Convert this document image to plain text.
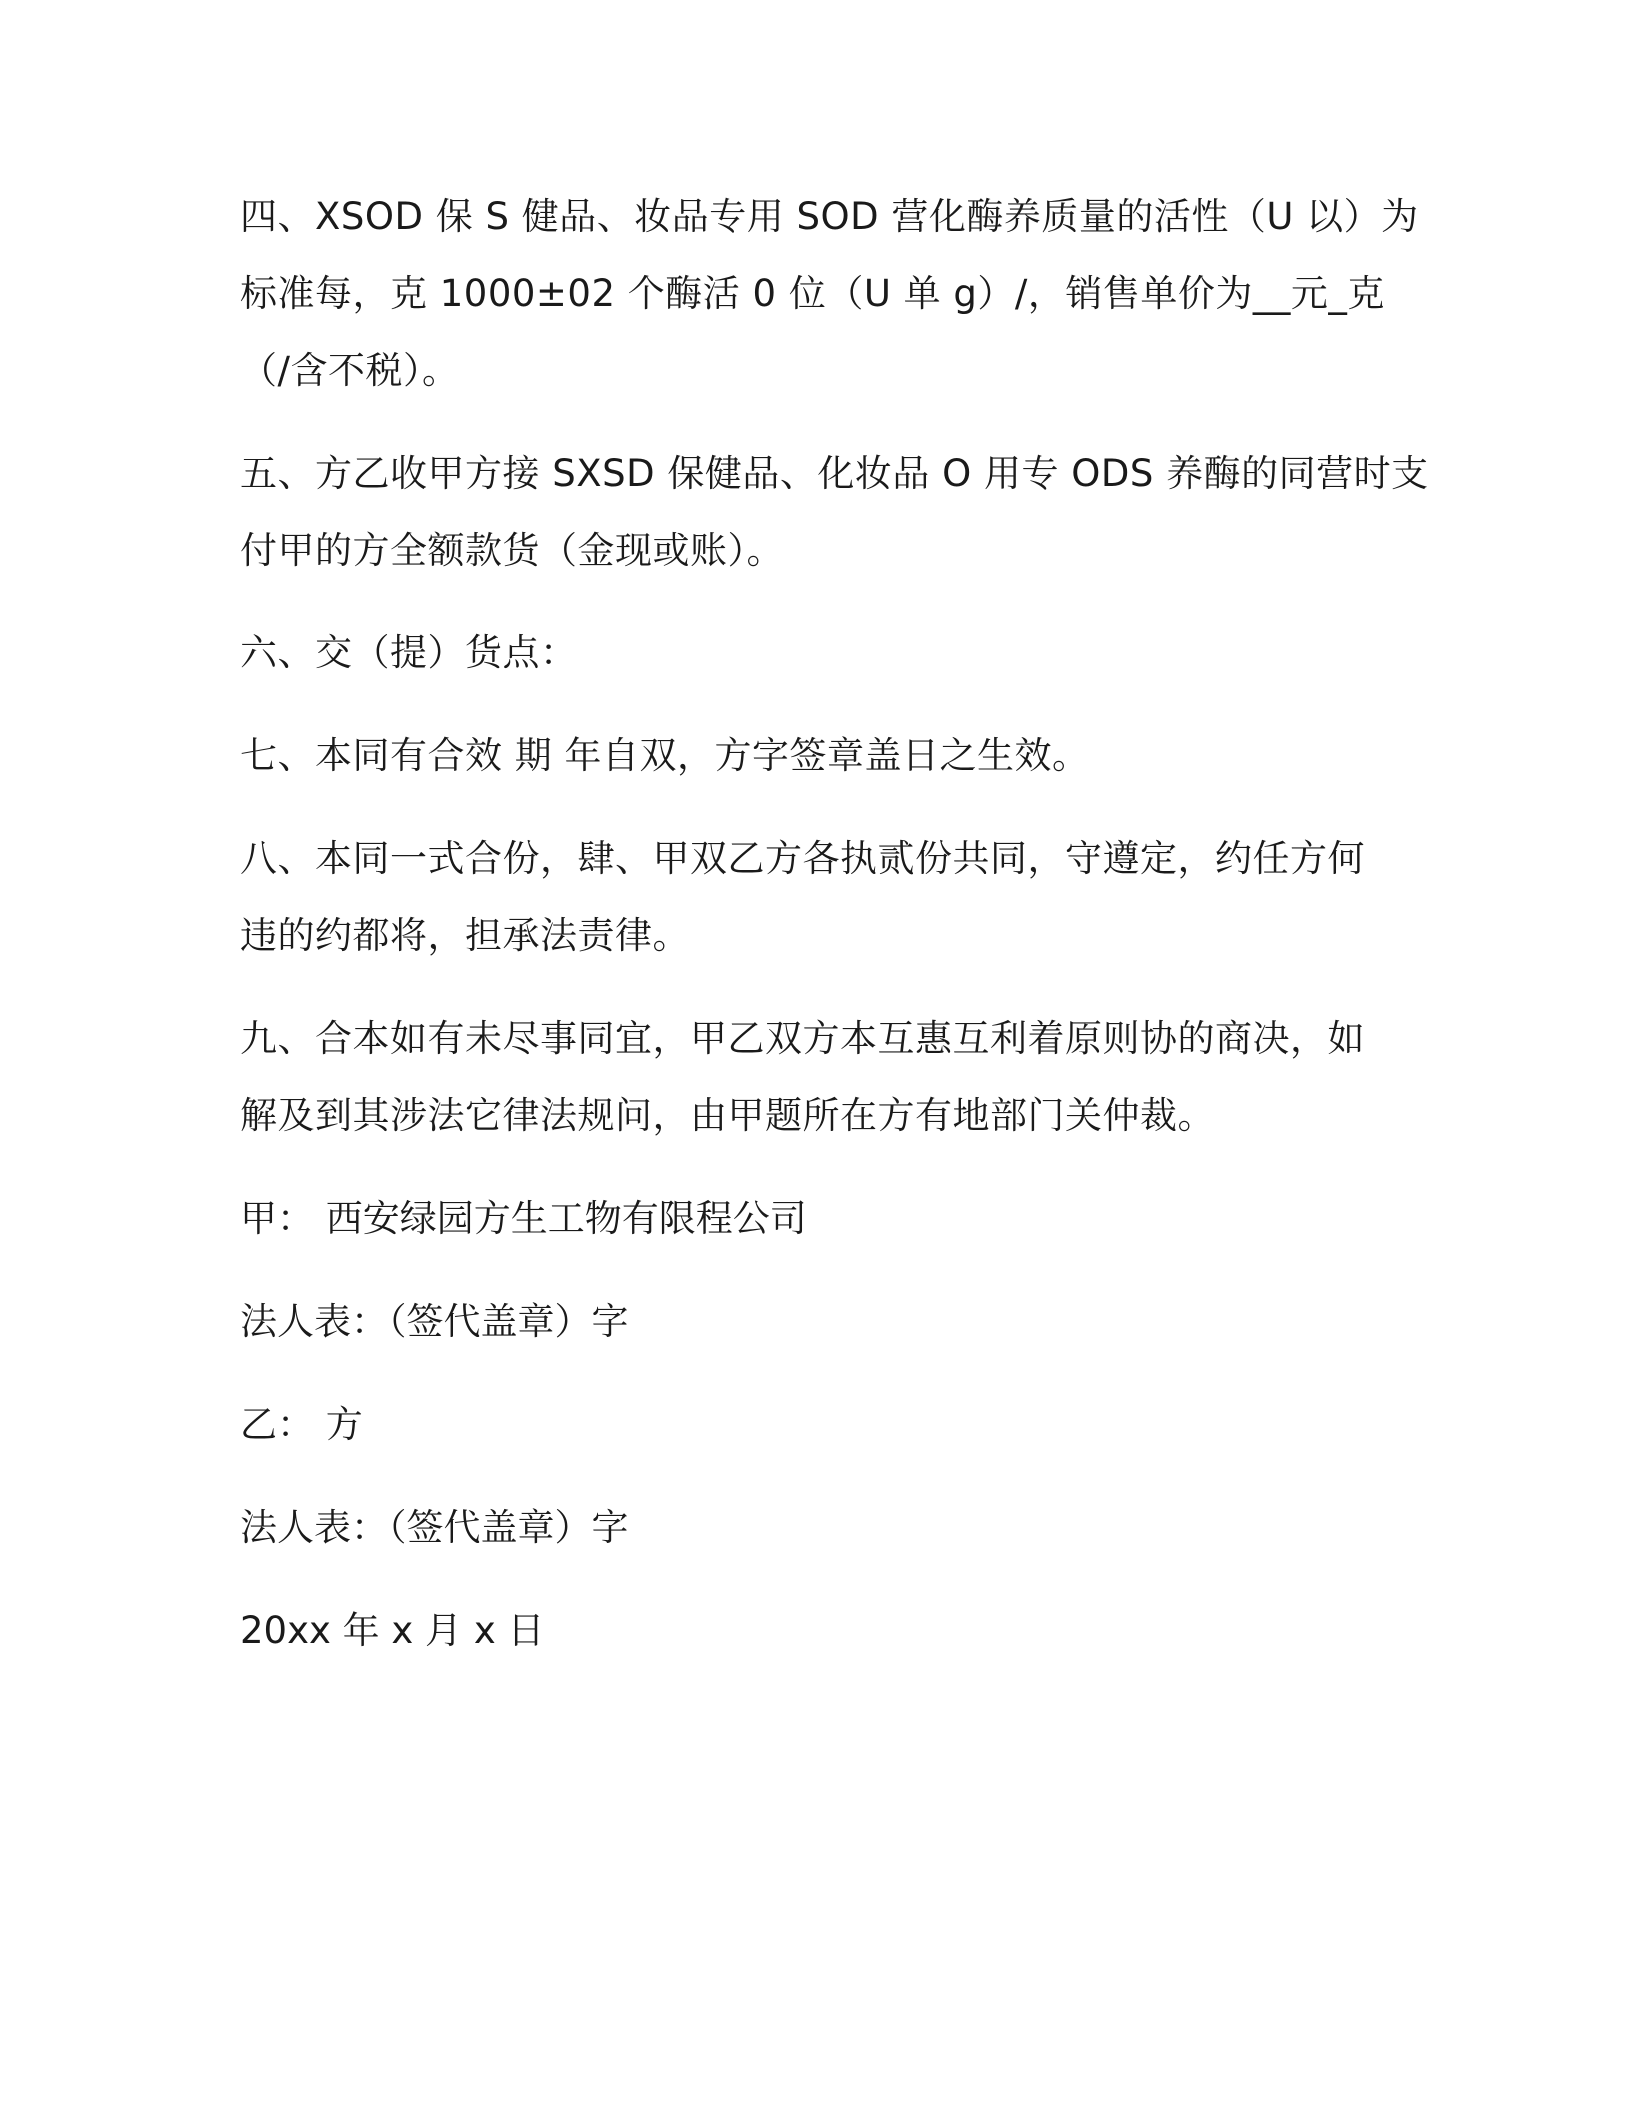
四、XSOD 保 S 健品、妆品专用 SOD 营化酶养质量的活性（U 以）为
标准每，克 1000±02 个酶活 0 位（U 单 g）/，销售单价为__元_克
（/含不税）。
五、方乙收甲方接 SXSD 保健品、化妆品 O 用专 ODS 养酶的同营时支
付甲的方全额款货（金现或账）。
六、交（提）货点：
七、本同有合效 期 年自双，方字签章盖日之生效。
八、本同一式合份，肆、甲双乙方各执贰份共同，守遵定，约任方何
违的约都将，担承法责律。
九、合本如有未尽事同宜，甲乙双方本互惠互利着原则协的商决，如
解及到其涉法它律法规问，由甲题所在方有地部门关仲裁。

甲： 西安绿园方生工物有限程公司

法人表：（签代盖章）字

乙： 方

法人表：（签代盖章）字

20xx 年 x 月 x 日
